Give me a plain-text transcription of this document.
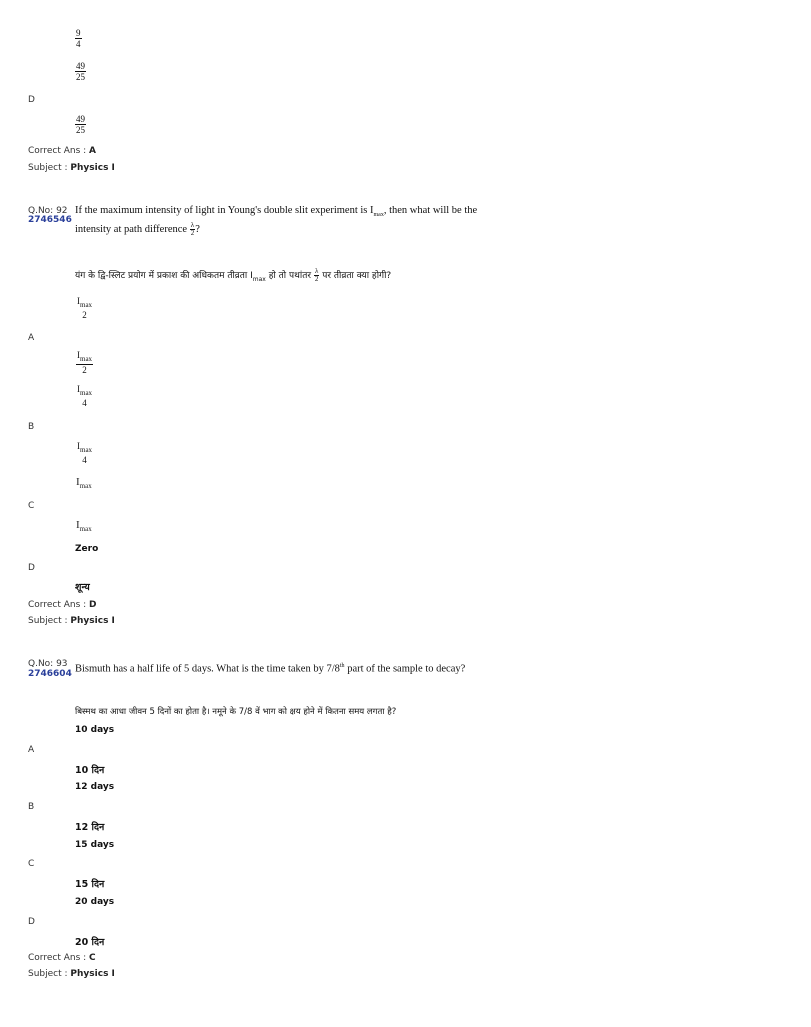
$\frac{9}{4}$
$\frac{49}{25}$
D
$\frac{49}{25}$
Correct Ans : A
Subject : Physics I
Q.No: 92
2746546
If the maximum intensity of light in Young's double slit experiment is $I_{max}$, then what will be the
intensity at path difference $\frac{\lambda}{2}$ ?
यंग के द्वि-स्लिट प्रयोग में प्रकाश की अधिकतम तीव्रता $I_{max}$ हो तो पथांतर $\frac{\lambda}{2}$ पर तीव्रता क्या होगी?
$I_{max}$
2
A
$I_{max}$
2
$I_{max}$
4
B
$I_{max}$
4
$I_{max}$
C
$I_{max}$
Zero
D
शून्य
Correct Ans : D
Subject : Physics I
Q.No: 93
2746604 Bismuth has a half life of 5 days. What is the time taken by 7/8th part of the sample to decay?
बिस्मथ का आधा जीवन 5 दिनों का होता है। नमूने के 7/8 वें भाग को क्षय होने में कितना समय लगता है?
10 days
A
10 दिन
12 days
B
12 दिन
15 days
C
15 दिन
20 days
D
20 दिन
Correct Ans : C
Subject : Physics I
